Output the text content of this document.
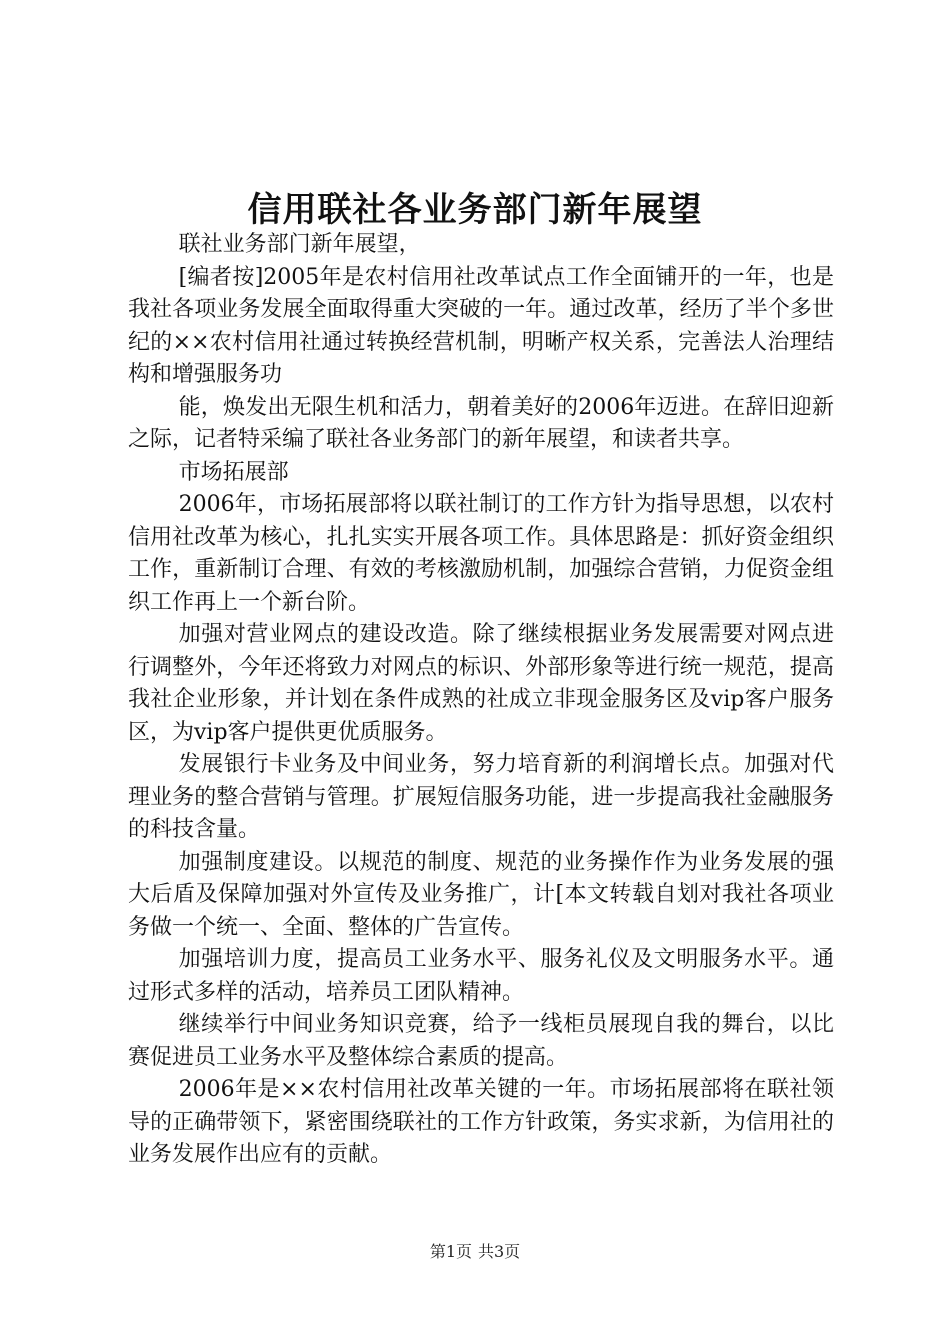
信用联社各业务部门新年展望

联社业务部门新年展望，

[编者按]2005年是农村信用社改革试点工作全面铺开的一年，也是我社各项业务发展全面取得重大突破的一年。通过改革，经历了半个多世纪的××农村信用社通过转换经营机制，明晰产权关系，完善法人治理结构和增强服务功

能，焕发出无限生机和活力，朝着美好的2006年迈进。在辞旧迎新之际，记者特采编了联社各业务部门的新年展望，和读者共享。

市场拓展部

2006年，市场拓展部将以联社制订的工作方针为指导思想，以农村信用社改革为核心，扎扎实实开展各项工作。具体思路是：抓好资金组织工作，重新制订合理、有效的考核激励机制，加强综合营销，力促资金组织工作再上一个新台阶。

加强对营业网点的建设改造。除了继续根据业务发展需要对网点进行调整外，今年还将致力对网点的标识、外部形象等进行统一规范，提高我社企业形象，并计划在条件成熟的社成立非现金服务区及vip客户服务区，为vip客户提供更优质服务。

发展银行卡业务及中间业务，努力培育新的利润增长点。加强对代理业务的整合营销与管理。扩展短信服务功能，进一步提高我社金融服务的科技含量。

加强制度建设。以规范的制度、规范的业务操作作为业务发展的强大后盾及保障加强对外宣传及业务推广，计[本文转载自划对我社各项业务做一个统一、全面、整体的广告宣传。

加强培训力度，提高员工业务水平、服务礼仪及文明服务水平。通过形式多样的活动，培养员工团队精神。

继续举行中间业务知识竞赛，给予一线柜员展现自我的舞台，以比赛促进员工业务水平及整体综合素质的提高。

2006年是××农村信用社改革关键的一年。市场拓展部将在联社领导的正确带领下，紧密围绕联社的工作方针政策，务实求新，为信用社的业务发展作出应有的贡献。

第1页 共3页
